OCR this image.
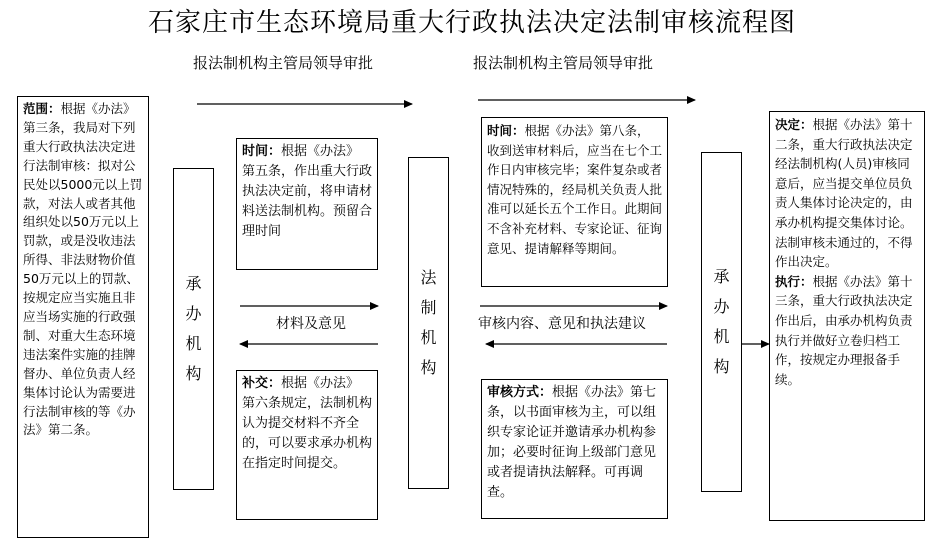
石家庄市生态环境局重大行政执法决定法制审核流程图
报法制机构主管局领导审批	报法制机构主管局领导审批
范围：根据《办法》第三条，我局对下列重大行政执法决定进行法制审核：拟对公民处以5000元以上罚款，对法人或者其他组织处以50万元以上罚款，或是没收违法所得、非法财物价值50万元以上的罚款、按规定应当实施且非应当场实施的行政强制、对重大生态环境违法案件实施的挂牌督办、单位负责人经集体讨论认为需要进行法制审核的等《办法》第二条。
承办机构
时间：根据《办法》第五条，作出重大行政执法决定前，将申请材料送法制机构。预留合理时间
补交：根据《办法》第六条规定，法制机构认为提交材料不齐全的，可以要求承办机构在指定时间提交。
材料及意见
法制机构
时间：根据《办法》第八条，收到送审材料后，应当在七个工作日内审核完毕；案件复杂或者情况特殊的，经局机关负责人批准可以延长五个工作日。此期间不含补充材料、专家论证、征询意见、提请解释等期间。
审核内容、意见和执法建议
审核方式：根据《办法》第七条，以书面审核为主，可以组织专家论证并邀请承办机构参加；必要时征询上级部门意见或者提请执法解释。可再调查。
承办机构

决定：根据《办法》第十二条，重大行政执法决定经法制机构(人员)审核同意后，应当提交单位员负责人集体讨论决定的，由承办机构提交集体讨论。法制审核未通过的，不得作出决定。

执行：根据《办法》第十三条，重大行政执法决定作出后，由承办机构负责执行并做好立卷归档工作，按规定办理报备手续。
